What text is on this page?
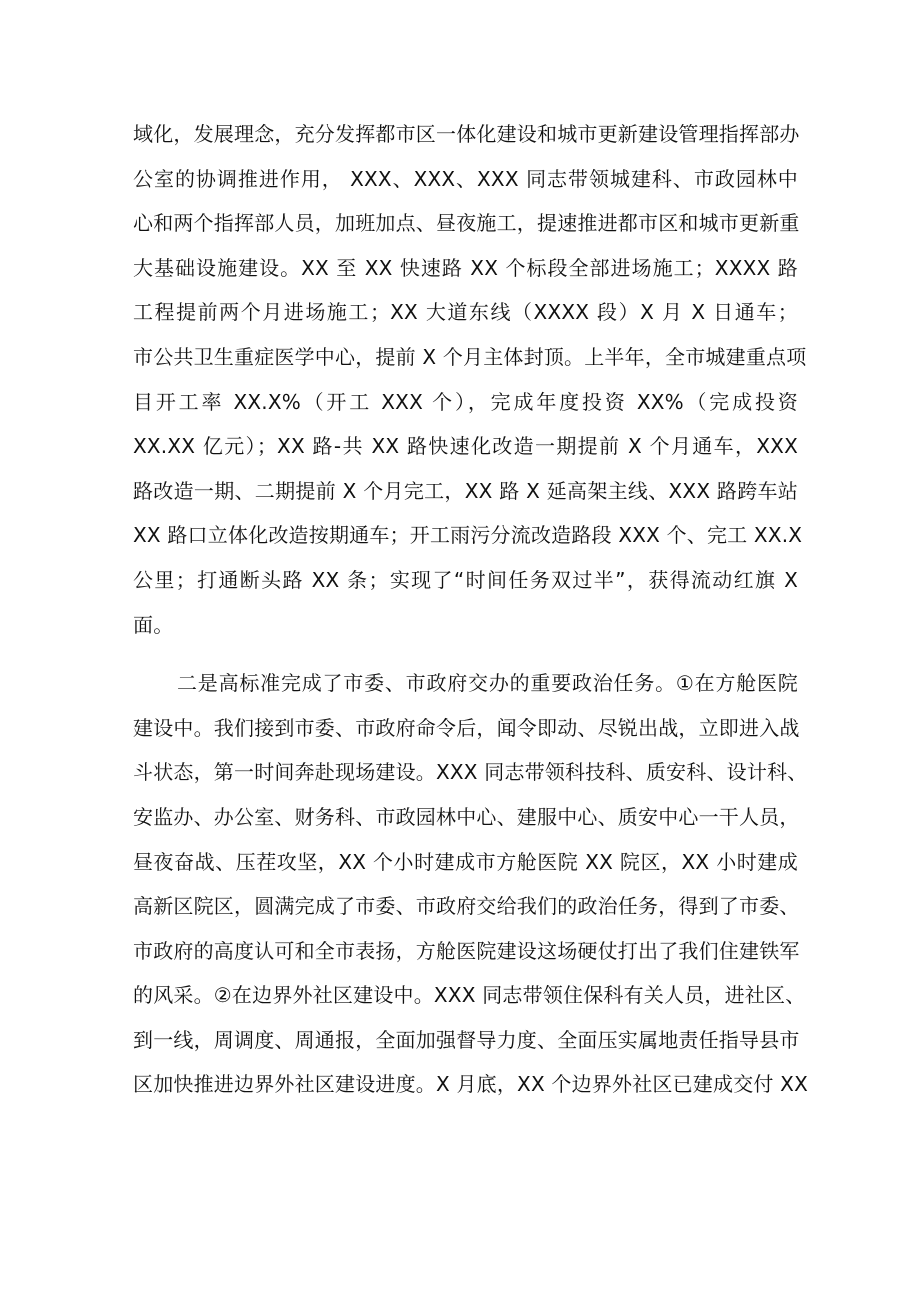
域化，发展理念，充分发挥都市区一体化建设和城市更新建设管理指挥部办
公室的协调推进作用， XXX、XXX、XXX 同志带领城建科、市政园林中
心和两个指挥部人员，加班加点、昼夜施工，提速推进都市区和城市更新重
大基础设施建设。XX 至 XX 快速路 XX 个标段全部进场施工；XXXX 路
工程提前两个月进场施工；XX 大道东线（XXXX 段）X 月 X 日通车；
市公共卫生重症医学中心，提前 X 个月主体封顶。上半年，全市城建重点项
目开工率 XX.X%（开工 XXX 个），完成年度投资 XX%（完成投资
XX.XX 亿元）；XX 路-共 XX 路快速化改造一期提前 X 个月通车，XXX
路改造一期、二期提前 X 个月完工，XX 路 X 延高架主线、XXX 路跨车站
XX 路口立体化改造按期通车；开工雨污分流改造路段 XXX 个、完工 XX.X
公里；打通断头路 XX 条；实现了“时间任务双过半”，获得流动红旗 X
面。
二是高标准完成了市委、市政府交办的重要政治任务。①在方舱医院
建设中。我们接到市委、市政府命令后，闻令即动、尽锐出战，立即进入战
斗状态，第一时间奔赴现场建设。XXX 同志带领科技科、质安科、设计科、
安监办、办公室、财务科、市政园林中心、建服中心、质安中心一干人员，
昼夜奋战、压茬攻坚，XX 个小时建成市方舱医院 XX 院区，XX 小时建成
高新区院区，圆满完成了市委、市政府交给我们的政治任务，得到了市委、
市政府的高度认可和全市表扬，方舱医院建设这场硬仗打出了我们住建铁军
的风采。②在边界外社区建设中。XXX 同志带领住保科有关人员，进社区、
到一线，周调度、周通报，全面加强督导力度、全面压实属地责任指导县市
区加快推进边界外社区建设进度。X 月底，XX 个边界外社区已建成交付 XX
